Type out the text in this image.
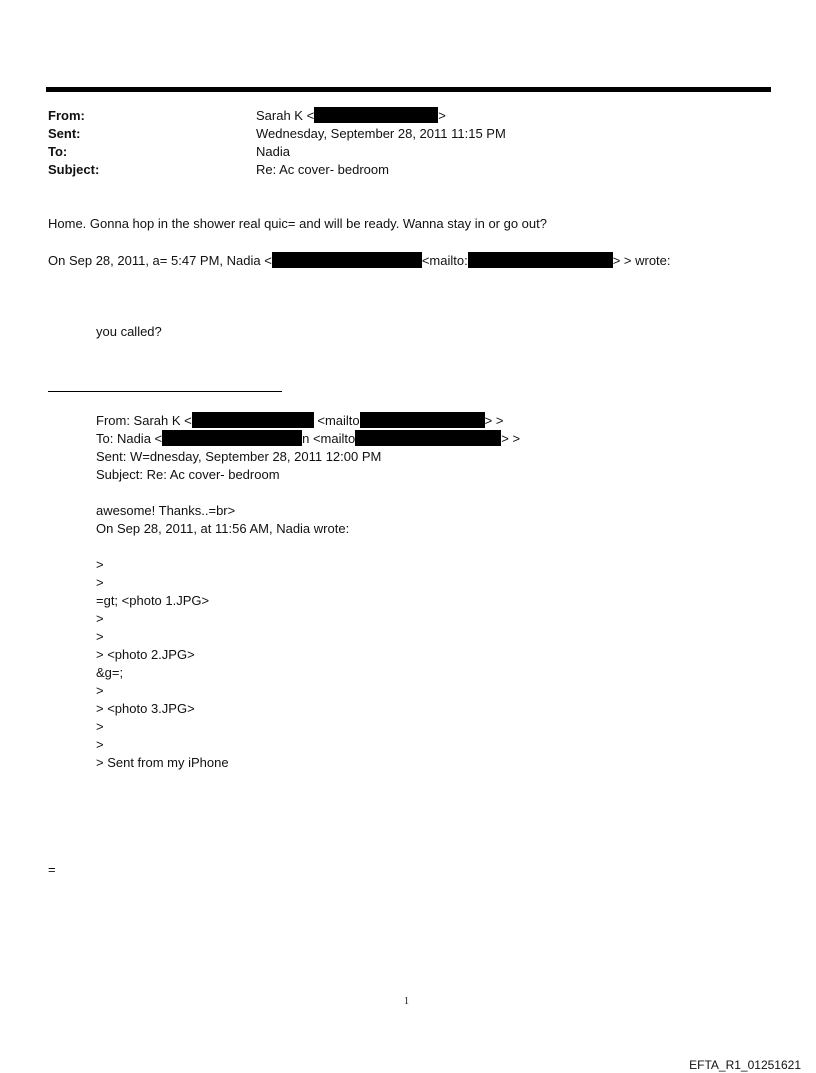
From:	Sarah K <	>
Sent:	Wednesday, September 28, 2011 11:15 PM
To:	Nadia
Subject:	Re: Ac cover- bedroom
Home. Gonna hop in the shower real quic= and will be ready. Wanna stay in or go out?
On Sep 28, 2011, a= 5:47 PM, Nadia <	<mailto:	> > wrote:
you called?
From: Sarah K <	<mailto	> >
To: Nadia <	n <mailto	> >
Sent: W=dnesday, September 28, 2011 12:00 PM
Subject: Re: Ac cover- bedroom
awesome! Thanks..=br>
On Sep 28, 2011, at 11:56 AM, Nadia wrote:
>
>
=gt; <photo 1.JPG>
>
>
> <photo 2.JPG>
&g=;
>
> <photo 3.JPG>
>
>
> Sent from my iPhone
=
1
EFTA_R1_01251621
